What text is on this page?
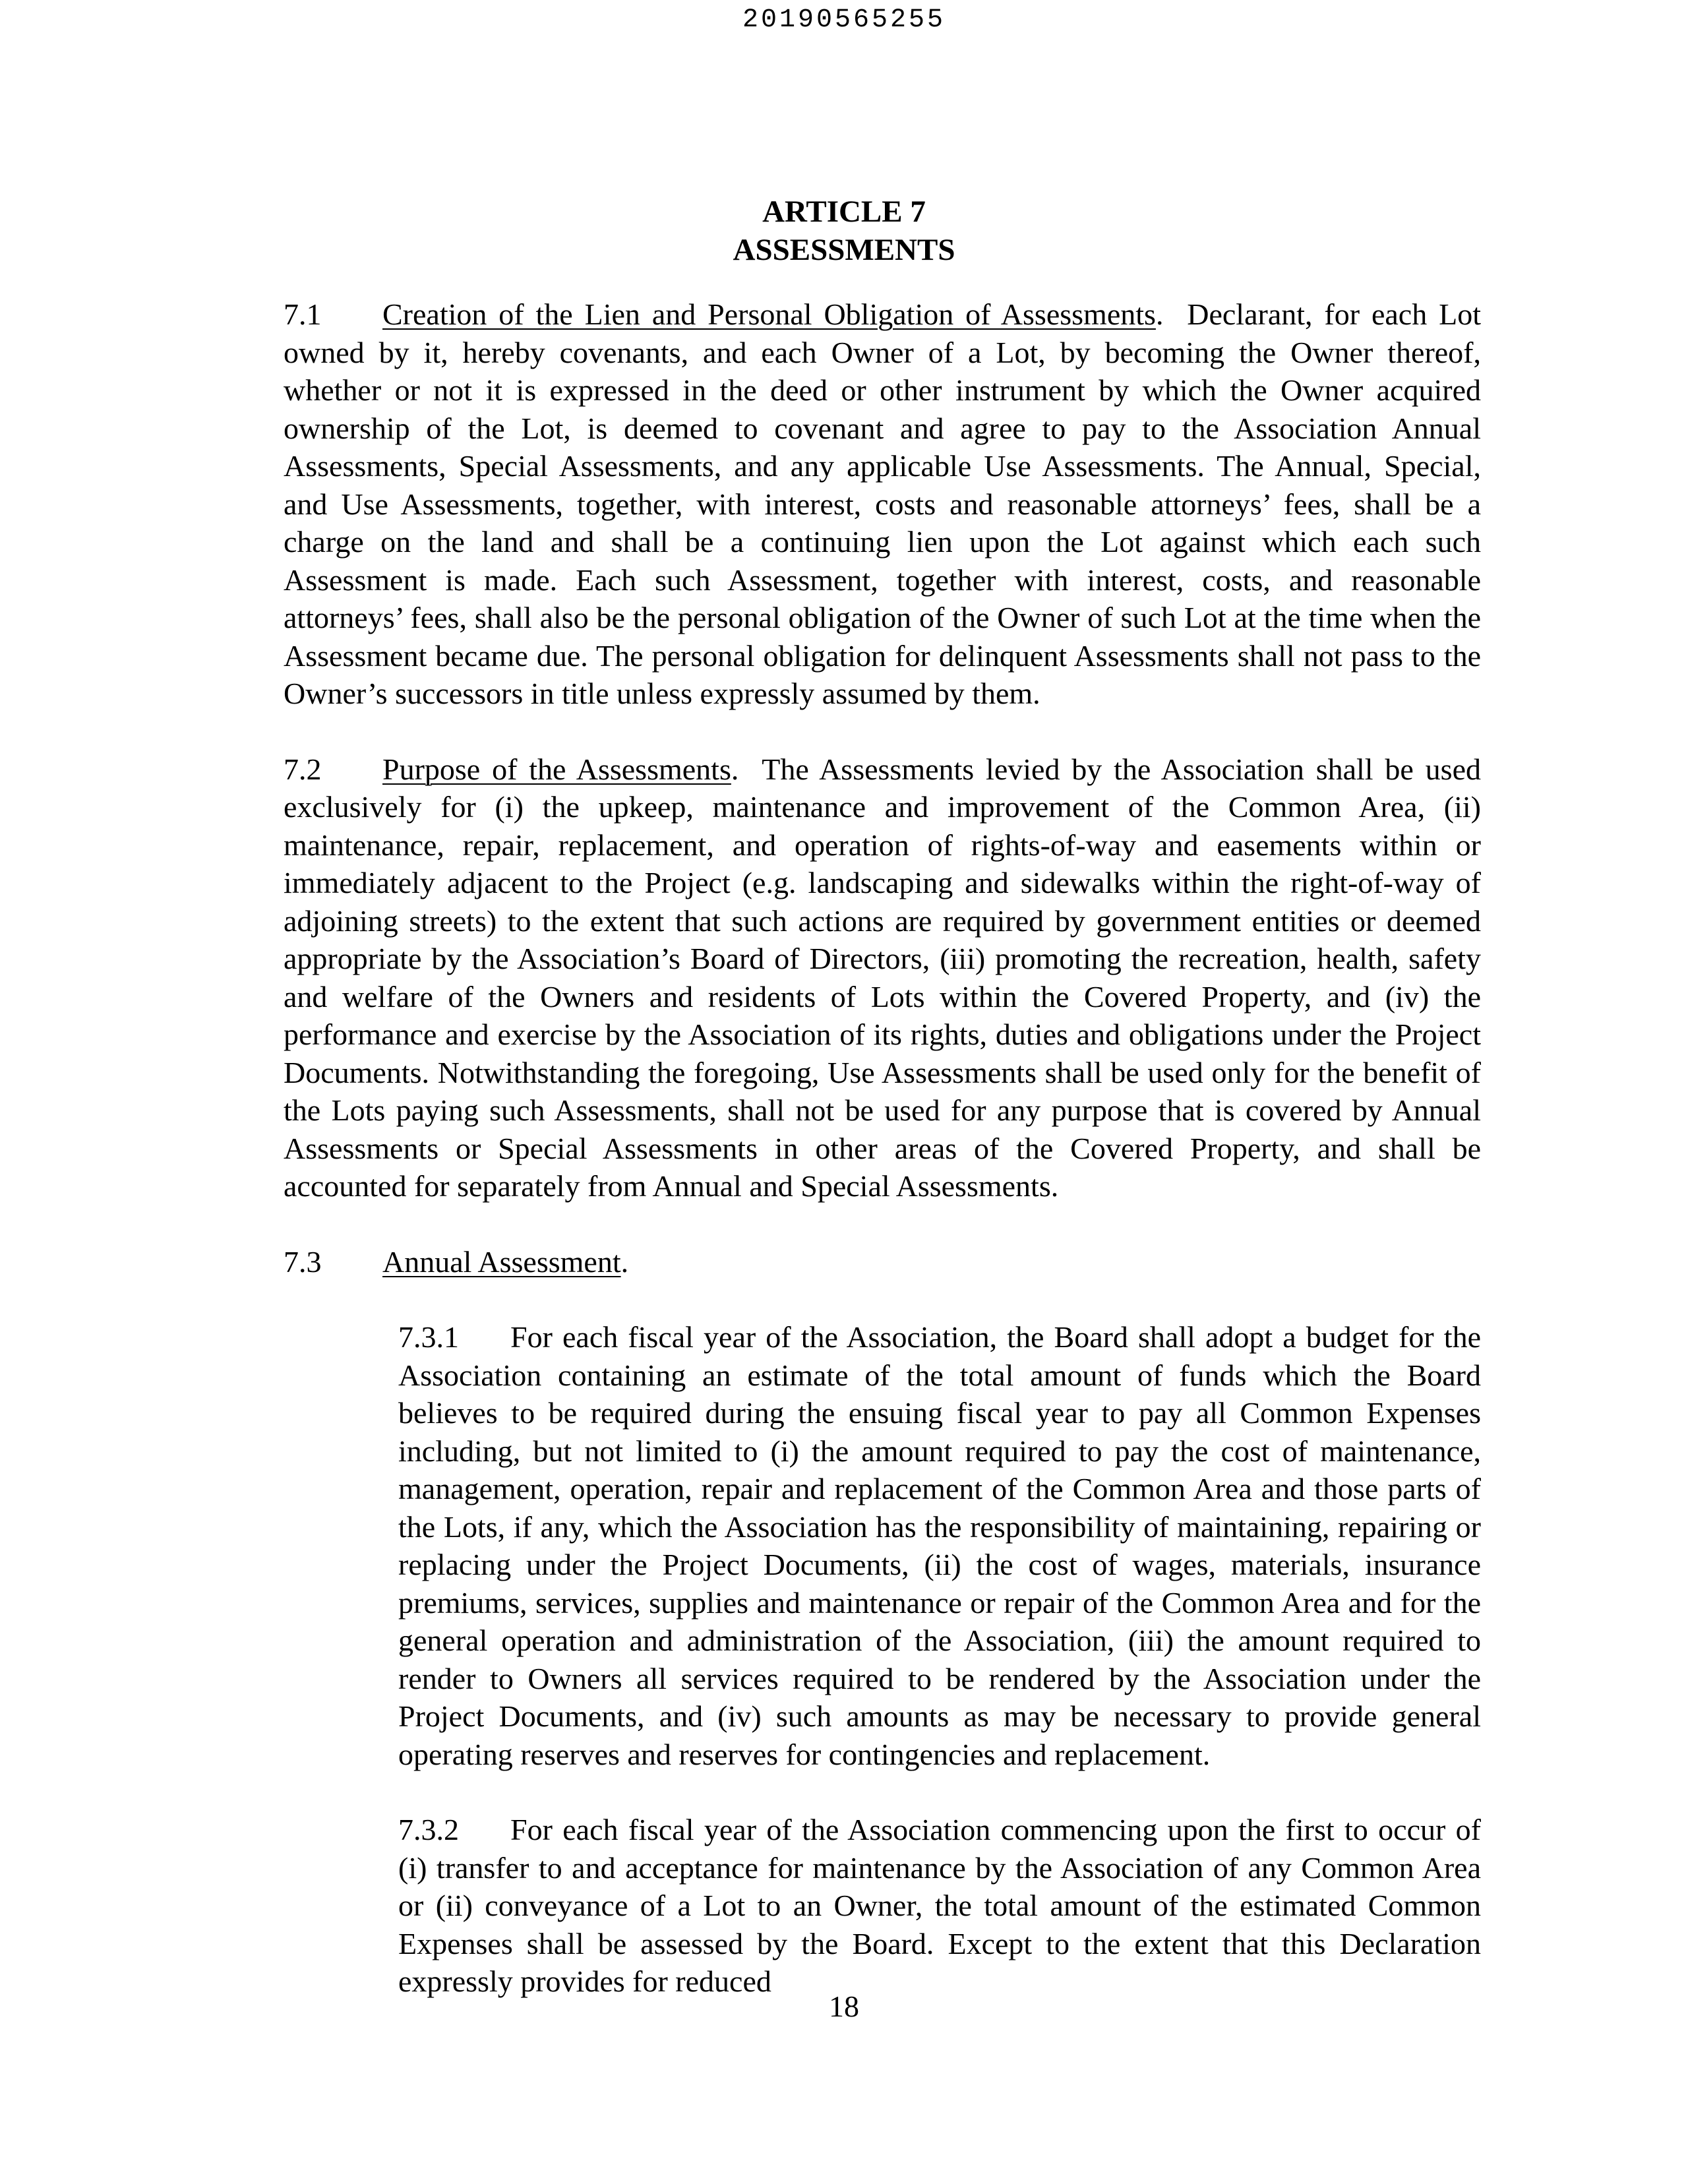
20190565255
ARTICLE 7
ASSESSMENTS

7.1 Creation of the Lien and Personal Obligation of Assessments. Declarant, for each Lot owned by it, hereby covenants, and each Owner of a Lot, by becoming the Owner thereof, whether or not it is expressed in the deed or other instrument by which the Owner acquired ownership of the Lot, is deemed to covenant and agree to pay to the Association Annual Assessments, Special Assessments, and any applicable Use Assessments. The Annual, Special, and Use Assessments, together, with interest, costs and reasonable attorneys’ fees, shall be a charge on the land and shall be a continuing lien upon the Lot against which each such Assessment is made. Each such Assessment, together with interest, costs, and reasonable attorneys’ fees, shall also be the personal obligation of the Owner of such Lot at the time when the Assessment became due. The personal obligation for delinquent Assessments shall not pass to the Owner’s successors in title unless expressly assumed by them.

7.2 Purpose of the Assessments. The Assessments levied by the Association shall be used exclusively for (i) the upkeep, maintenance and improvement of the Common Area, (ii) maintenance, repair, replacement, and operation of rights-of-way and easements within or immediately adjacent to the Project (e.g. landscaping and sidewalks within the right-of-way of adjoining streets) to the extent that such actions are required by government entities or deemed appropriate by the Association’s Board of Directors, (iii) promoting the recreation, health, safety and welfare of the Owners and residents of Lots within the Covered Property, and (iv) the performance and exercise by the Association of its rights, duties and obligations under the Project Documents. Notwithstanding the foregoing, Use Assessments shall be used only for the benefit of the Lots paying such Assessments, shall not be used for any purpose that is covered by Annual Assessments or Special Assessments in other areas of the Covered Property, and shall be accounted for separately from Annual and Special Assessments.

7.3 Annual Assessment.

7.3.1 For each fiscal year of the Association, the Board shall adopt a budget for the Association containing an estimate of the total amount of funds which the Board believes to be required during the ensuing fiscal year to pay all Common Expenses including, but not limited to (i) the amount required to pay the cost of maintenance, management, operation, repair and replacement of the Common Area and those parts of the Lots, if any, which the Association has the responsibility of maintaining, repairing or replacing under the Project Documents, (ii) the cost of wages, materials, insurance premiums, services, supplies and maintenance or repair of the Common Area and for the general operation and administration of the Association, (iii) the amount required to render to Owners all services required to be rendered by the Association under the Project Documents, and (iv) such amounts as may be necessary to provide general operating reserves and reserves for contingencies and replacement.

7.3.2 For each fiscal year of the Association commencing upon the first to occur of (i) transfer to and acceptance for maintenance by the Association of any Common Area or (ii) conveyance of a Lot to an Owner, the total amount of the estimated Common Expenses shall be assessed by the Board. Except to the extent that this Declaration expressly provides for reduced

18
